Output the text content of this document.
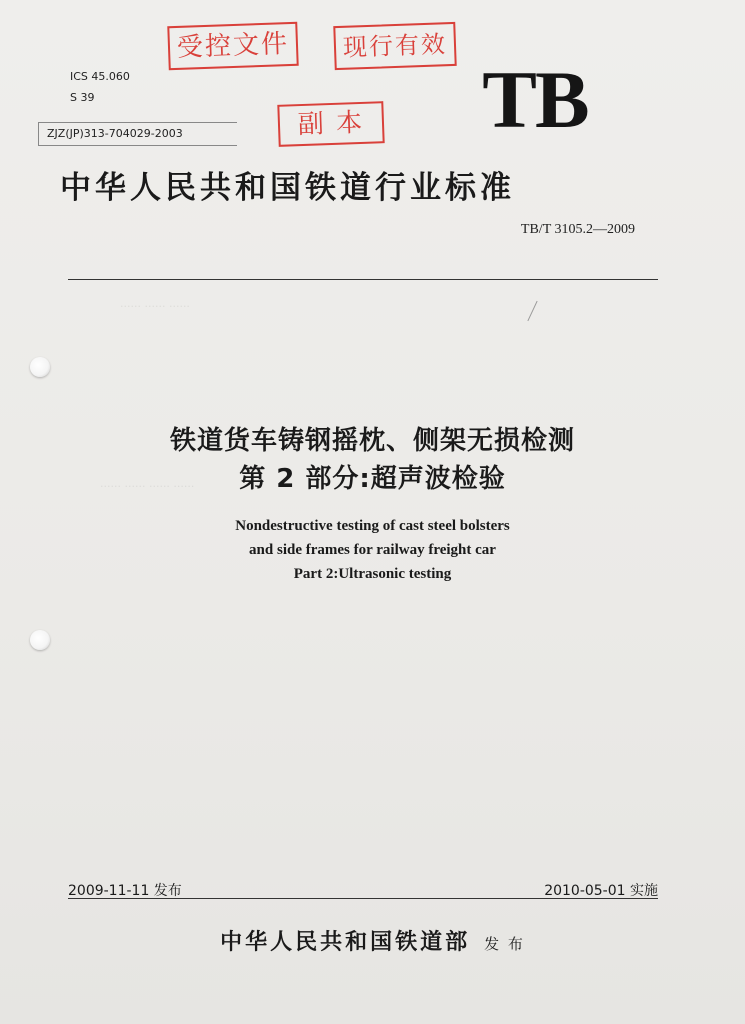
······ ······ ······
······ ······ ······ ······
受控文件	现行有效
副 本
ICS 45.060
S 39
ZJZ(JP)313-704029-2003	TB
中华人民共和国铁道行业标准
TB/T 3105.2—2009
铁道货车铸钢摇枕、侧架无损检测
第 2 部分:超声波检验
Nondestructive testing of cast steel bolsters
and side frames for railway freight car
Part 2:Ultrasonic testing
2009-11-11 发布	2010-05-01 实施
中华人民共和国铁道部 发 布
